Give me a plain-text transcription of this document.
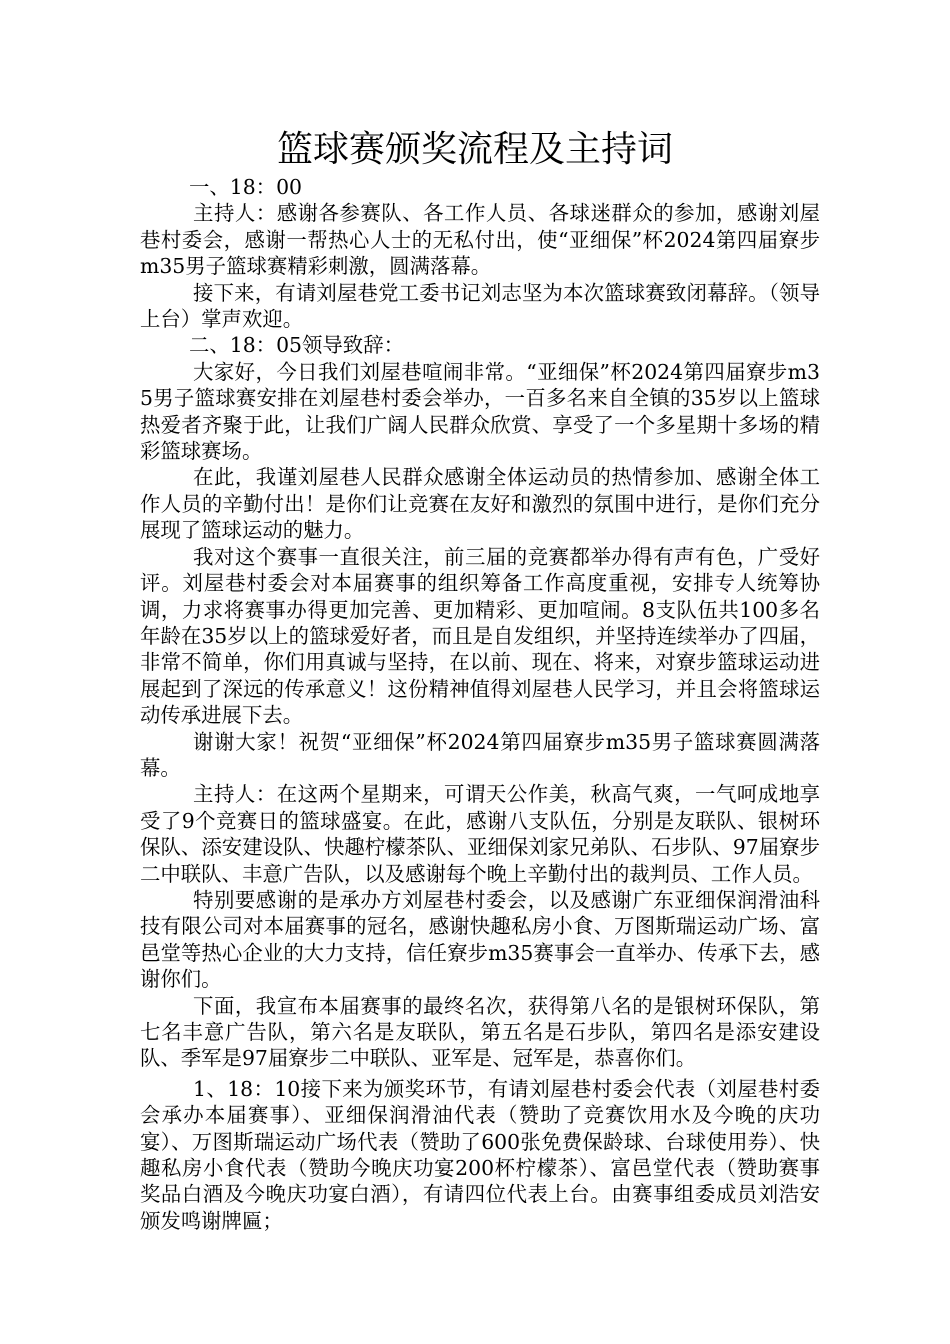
篮球赛颁奖流程及主持词

一、18：00

主持人：感谢各参赛队、各工作人员、各球迷群众的参加，感谢刘屋巷村委会，感谢一帮热心人士的无私付出，使“亚细保”杯2024第四届寮步m35男子篮球赛精彩刺激，圆满落幕。

接下来，有请刘屋巷党工委书记刘志坚为本次篮球赛致闭幕辞。（领导上台）掌声欢迎。

二、18：05领导致辞：

大家好，今日我们刘屋巷喧闹非常。“亚细保”杯2024第四届寮步m35男子篮球赛安排在刘屋巷村委会举办，一百多名来自全镇的35岁以上篮球热爱者齐聚于此，让我们广阔人民群众欣赏、享受了一个多星期十多场的精彩篮球赛场。

在此，我谨刘屋巷人民群众感谢全体运动员的热情参加、感谢全体工作人员的辛勤付出！是你们让竞赛在友好和激烈的氛围中进行，是你们充分展现了篮球运动的魅力。

我对这个赛事一直很关注，前三届的竞赛都举办得有声有色，广受好评。刘屋巷村委会对本届赛事的组织筹备工作高度重视，安排专人统筹协调，力求将赛事办得更加完善、更加精彩、更加喧闹。8支队伍共100多名年龄在35岁以上的篮球爱好者，而且是自发组织，并坚持连续举办了四届，非常不简单，你们用真诚与坚持，在以前、现在、将来，对寮步篮球运动进展起到了深远的传承意义！这份精神值得刘屋巷人民学习，并且会将篮球运动传承进展下去。

谢谢大家！祝贺“亚细保”杯2024第四届寮步m35男子篮球赛圆满落幕。

主持人：在这两个星期来，可谓天公作美，秋高气爽，一气呵成地享受了9个竞赛日的篮球盛宴。在此，感谢八支队伍，分别是友联队、银树环保队、添安建设队、快趣柠檬茶队、亚细保刘家兄弟队、石步队、97届寮步二中联队、丰意广告队，以及感谢每个晚上辛勤付出的裁判员、工作人员。

特别要感谢的是承办方刘屋巷村委会，以及感谢广东亚细保润滑油科技有限公司对本届赛事的冠名，感谢快趣私房小食、万图斯瑞运动广场、富邑堂等热心企业的大力支持，信任寮步m35赛事会一直举办、传承下去，感谢你们。

下面，我宣布本届赛事的最终名次，获得第八名的是银树环保队，第七名丰意广告队，第六名是友联队，第五名是石步队，第四名是添安建设队、季军是97届寮步二中联队、亚军是、冠军是，恭喜你们。

1、18：10接下来为颁奖环节，有请刘屋巷村委会代表（刘屋巷村委会承办本届赛事）、亚细保润滑油代表（赞助了竞赛饮用水及今晚的庆功宴）、万图斯瑞运动广场代表（赞助了600张免费保龄球、台球使用券）、快趣私房小食代表（赞助今晚庆功宴200杯柠檬茶）、富邑堂代表（赞助赛事奖品白酒及今晚庆功宴白酒），有请四位代表上台。由赛事组委成员刘浩安颁发鸣谢牌匾；
